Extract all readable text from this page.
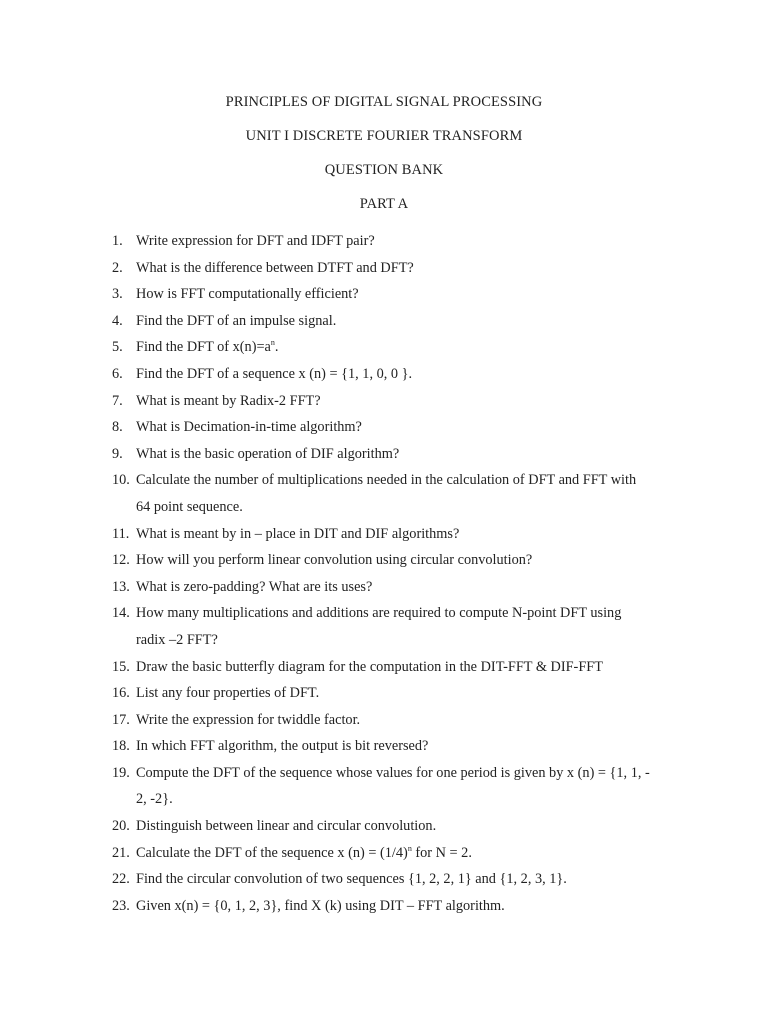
PRINCIPLES OF DIGITAL SIGNAL PROCESSING
UNIT I DISCRETE FOURIER TRANSFORM
QUESTION BANK
PART A
1. Write expression for DFT and IDFT pair?
2. What is the difference between DTFT and DFT?
3. How is FFT computationally efficient?
4. Find the DFT of an impulse signal.
5. Find the DFT of $x(n)=a^n$.
6. Find the DFT of a sequence x (n) = {1, 1, 0, 0 }.
7. What is meant by Radix-2 FFT?
8. What is Decimation-in-time algorithm?
9. What is the basic operation of DIF algorithm?
10. Calculate the number of multiplications needed in the calculation of DFT and FFT with
64 point sequence.
11. What is meant by in – place in DIT and DIF algorithms?
12. How will you perform linear convolution using circular convolution?
13. What is zero-padding? What are its uses?
14. How many multiplications and additions are required to compute N-point DFT using
radix –2 FFT?
15. Draw the basic butterfly diagram for the computation in the DIT-FFT & DIF-FFT
16. List any four properties of DFT.
17. Write the expression for twiddle factor.
18. In which FFT algorithm, the output is bit reversed?
19. Compute the DFT of the sequence whose values for one period is given by x (n) = {1, 1, -
2, -2}.
20. Distinguish between linear and circular convolution.
21. Calculate the DFT of the sequence x $(n) = (1/4)^n$ for N = 2.
22. Find the circular convolution of two sequences {1, 2, 2, 1} and {1, 2, 3, 1}.
23. Given x(n) = {0, 1, 2, 3}, find X (k) using DIT – FFT algorithm.
